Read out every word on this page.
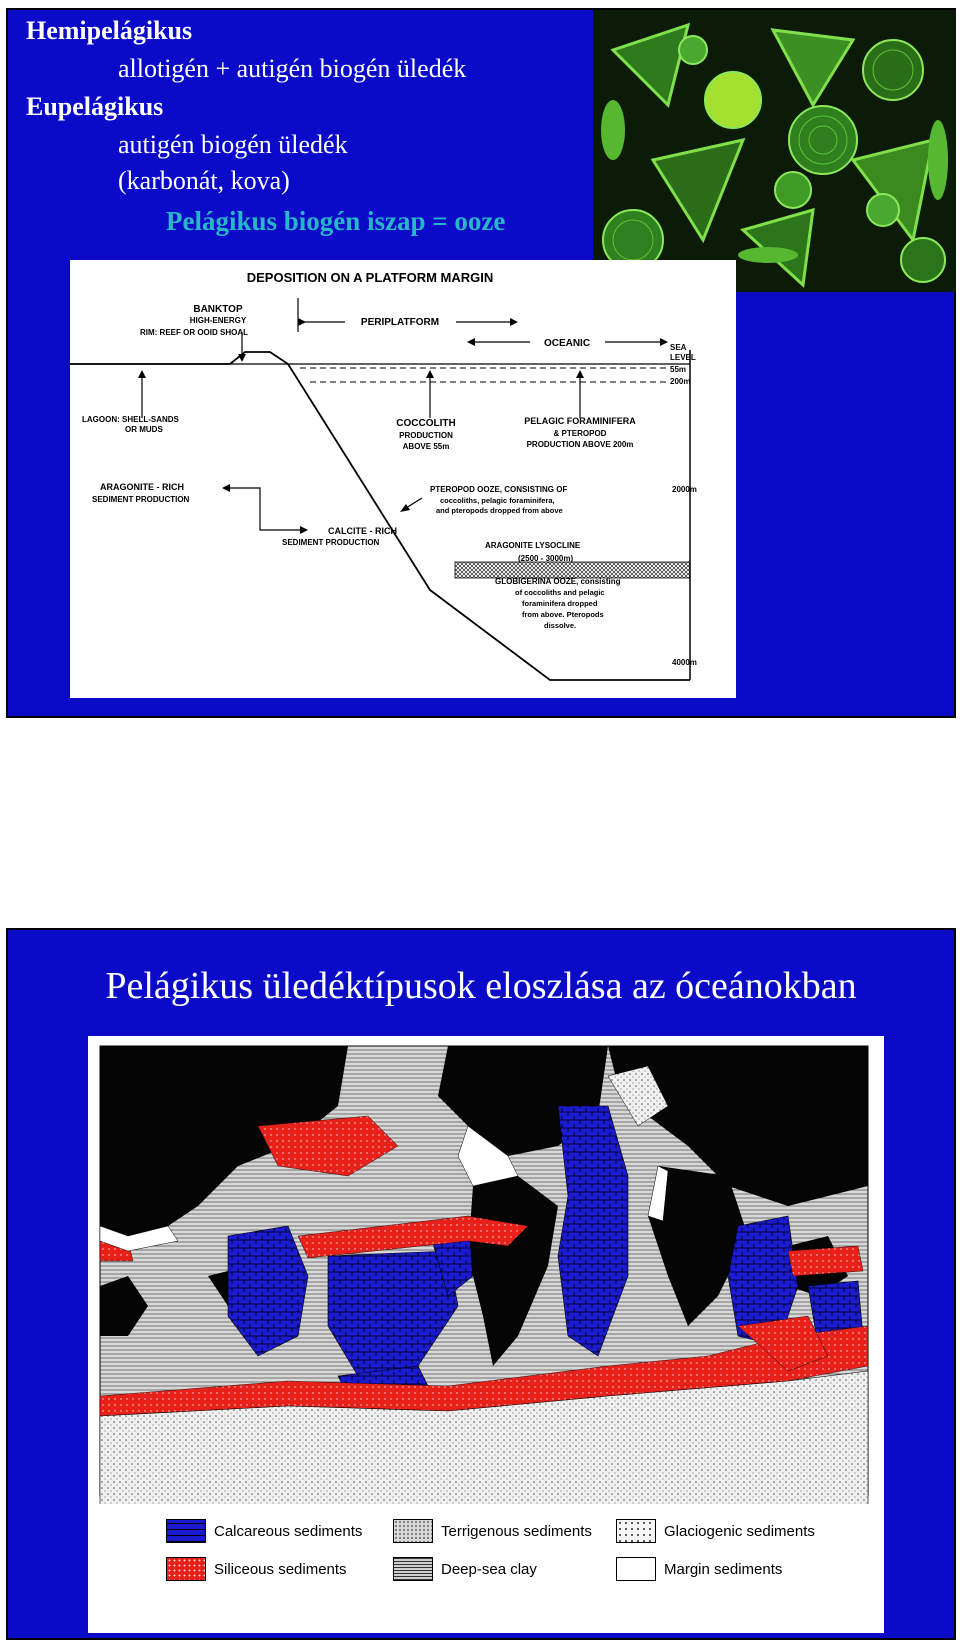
Hemipelágikus
allotigén + autigén biogén üledék
Eupelágikus
autigén biogén üledék
(karbonát, kova)
Pelágikus biogén iszap = ooze
DEPOSITION ON A PLATFORM MARGIN
BANKTOP
HIGH-ENERGY
RIM: REEF OR OOID SHOAL
PERIPLATFORM
OCEANIC	SEA
LEVEL
55m
200m
2000m
4000m
LAGOON: SHELL-SANDS
OR MUDS
COCCOLITH
PRODUCTION
ABOVE 55m
PELAGIC FORAMINIFERA
& PTEROPOD
PRODUCTION ABOVE 200m
ARAGONITE - RICH
SEDIMENT PRODUCTION
CALCITE - RICH
SEDIMENT PRODUCTION
PTEROPOD OOZE, CONSISTING OF
coccoliths, pelagic foraminifera,
and pteropods dropped from above
ARAGONITE LYSOCLINE
(2500 - 3000m)
GLOBIGERINA OOZE, consisting
of coccoliths and pelagic
foraminifera dropped
from above. Pteropods
dissolve.
Pelágikus üledéktípusok eloszlása az óceánokban
Calcareous sediments	Terrigenous sediments	Glaciogenic sediments
Siliceous sediments	Deep-sea clay	Margin sediments
